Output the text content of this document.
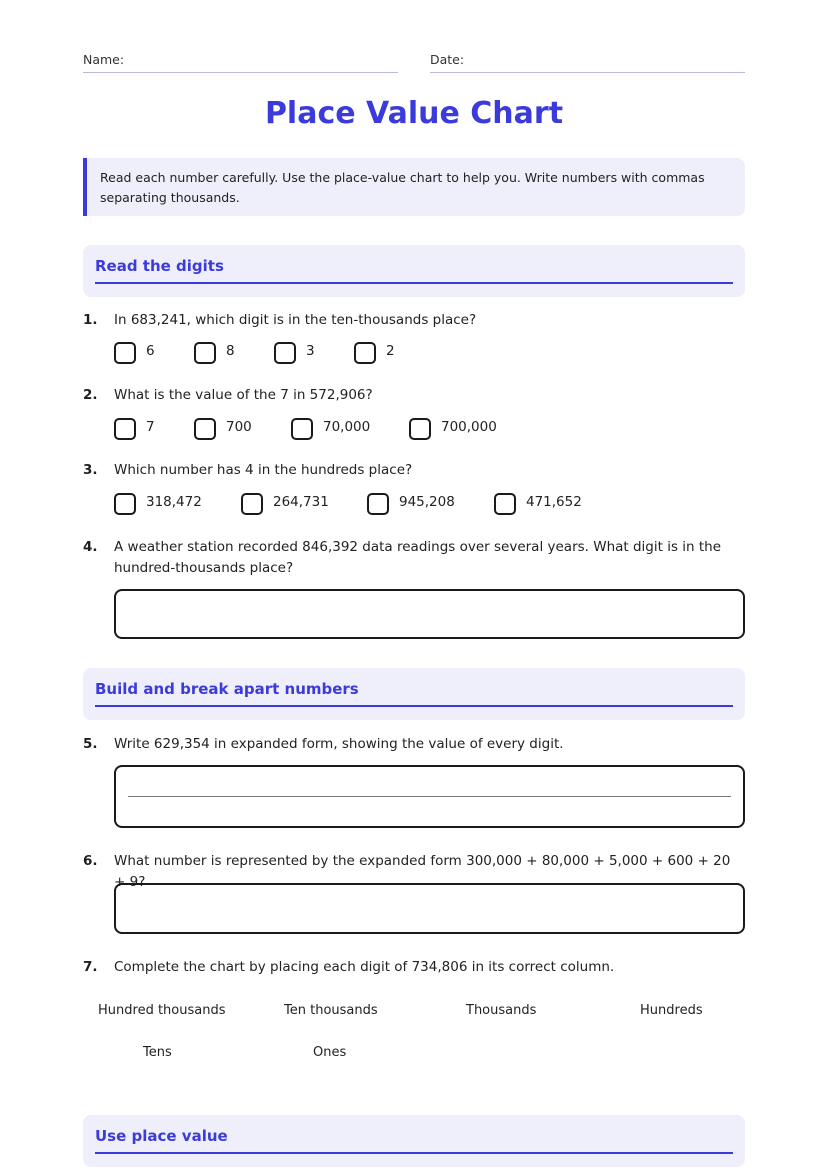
Name:	Date:
Place Value Chart
Read each number carefully. Use the place-value chart to help you. Write numbers with commas separating thousands.
Read the digits
1. In 683,241, which digit is in the ten-thousands place?
6	8	3	2
2. What is the value of the 7 in 572,906?
7	700	70,000	700,000
3. Which number has 4 in the hundreds place?
318,472	264,731	945,208	471,652
4. A weather station recorded 846,392 data readings over several years. What digit is in the hundred-thousands place?
Build and break apart numbers
5. Write 629,354 in expanded form, showing the value of every digit.
6. What number is represented by the expanded form 300,000 + 80,000 + 5,000 + 600 + 20 + 9?
7. Complete the chart by placing each digit of 734,806 in its correct column.
Hundred thousands	Ten thousands	Thousands	Hundreds
Tens	Ones
Use place value
